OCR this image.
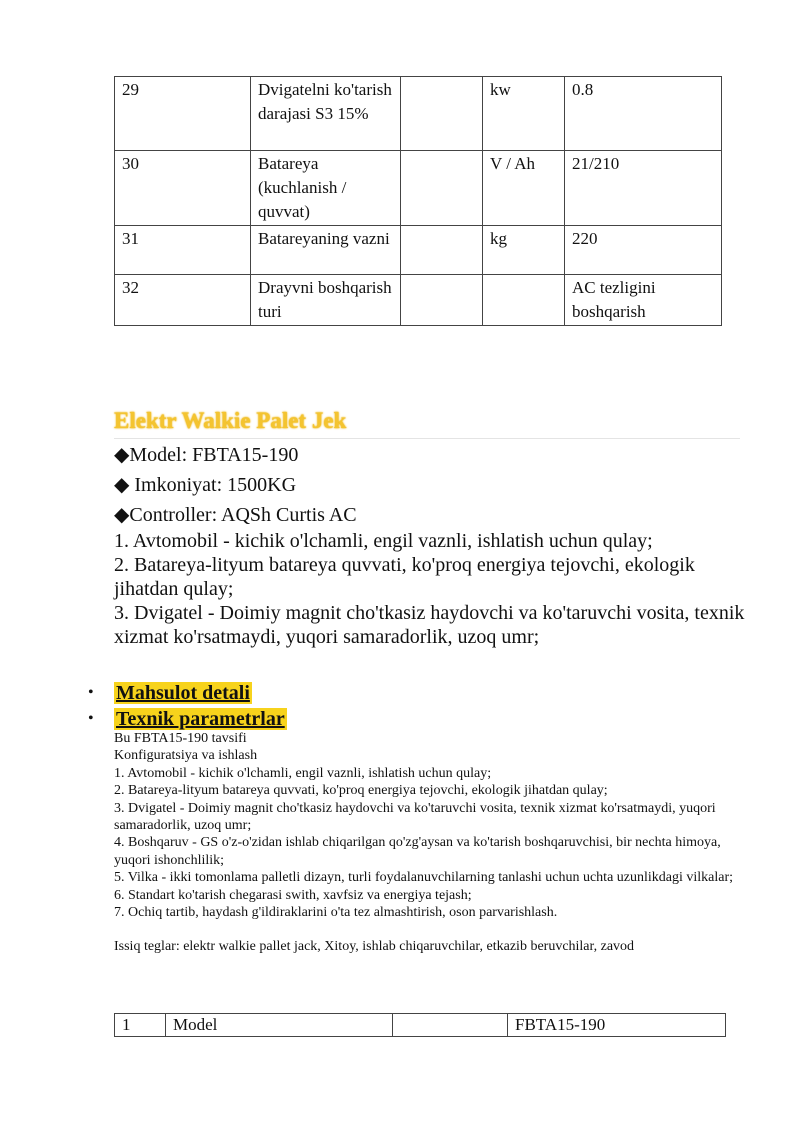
29	Dvigatelni ko'tarish darajasi S3 15%		kw	0.8
30	Batareya (kuchlanish / quvvat)		V / Ah	21/210
31	Batareyaning vazni		kg	220
32	Drayvni boshqarish turi			AC tezligini boshqarish
Elektr Walkie Palet Jek
◆Model: FBTA15-190
◆ Imkoniyat: 1500KG
◆Controller: AQSh Curtis AC
1. Avtomobil - kichik o'lchamli, engil vaznli, ishlatish uchun qulay;
2. Batareya-lityum batareya quvvati, ko'proq energiya tejovchi, ekologik jihatdan qulay;
3. Dvigatel - Doimiy magnit cho'tkasiz haydovchi va ko'taruvchi vosita, texnik xizmat ko'rsatmaydi, yuqori samaradorlik, uzoq umr;
• Mahsulot detali
• Texnik parametrlar

Bu FBTA15-190 tavsifi

Konfiguratsiya va ishlash

1. Avtomobil - kichik o'lchamli, engil vaznli, ishlatish uchun qulay;

2. Batareya-lityum batareya quvvati, ko'proq energiya tejovchi, ekologik jihatdan qulay;

3. Dvigatel - Doimiy magnit cho'tkasiz haydovchi va ko'taruvchi vosita, texnik xizmat ko'rsatmaydi, yuqori samaradorlik, uzoq umr;

4. Boshqaruv - GS o'z-o'zidan ishlab chiqarilgan qo'zg'aysan va ko'tarish boshqaruvchisi, bir nechta himoya, yuqori ishonchlilik;

5. Vilka - ikki tomonlama palletli dizayn, turli foydalanuvchilarning tanlashi uchun uchta uzunlikdagi vilkalar;

6. Standart ko'tarish chegarasi swith, xavfsiz va energiya tejash;

7. Ochiq tartib, haydash g'ildiraklarini o'ta tez almashtirish, oson parvarishlash.

Issiq teglar: elektr walkie pallet jack, Xitoy, ishlab chiqaruvchilar, etkazib beruvchilar, zavod

1	Model		FBTA15-190
